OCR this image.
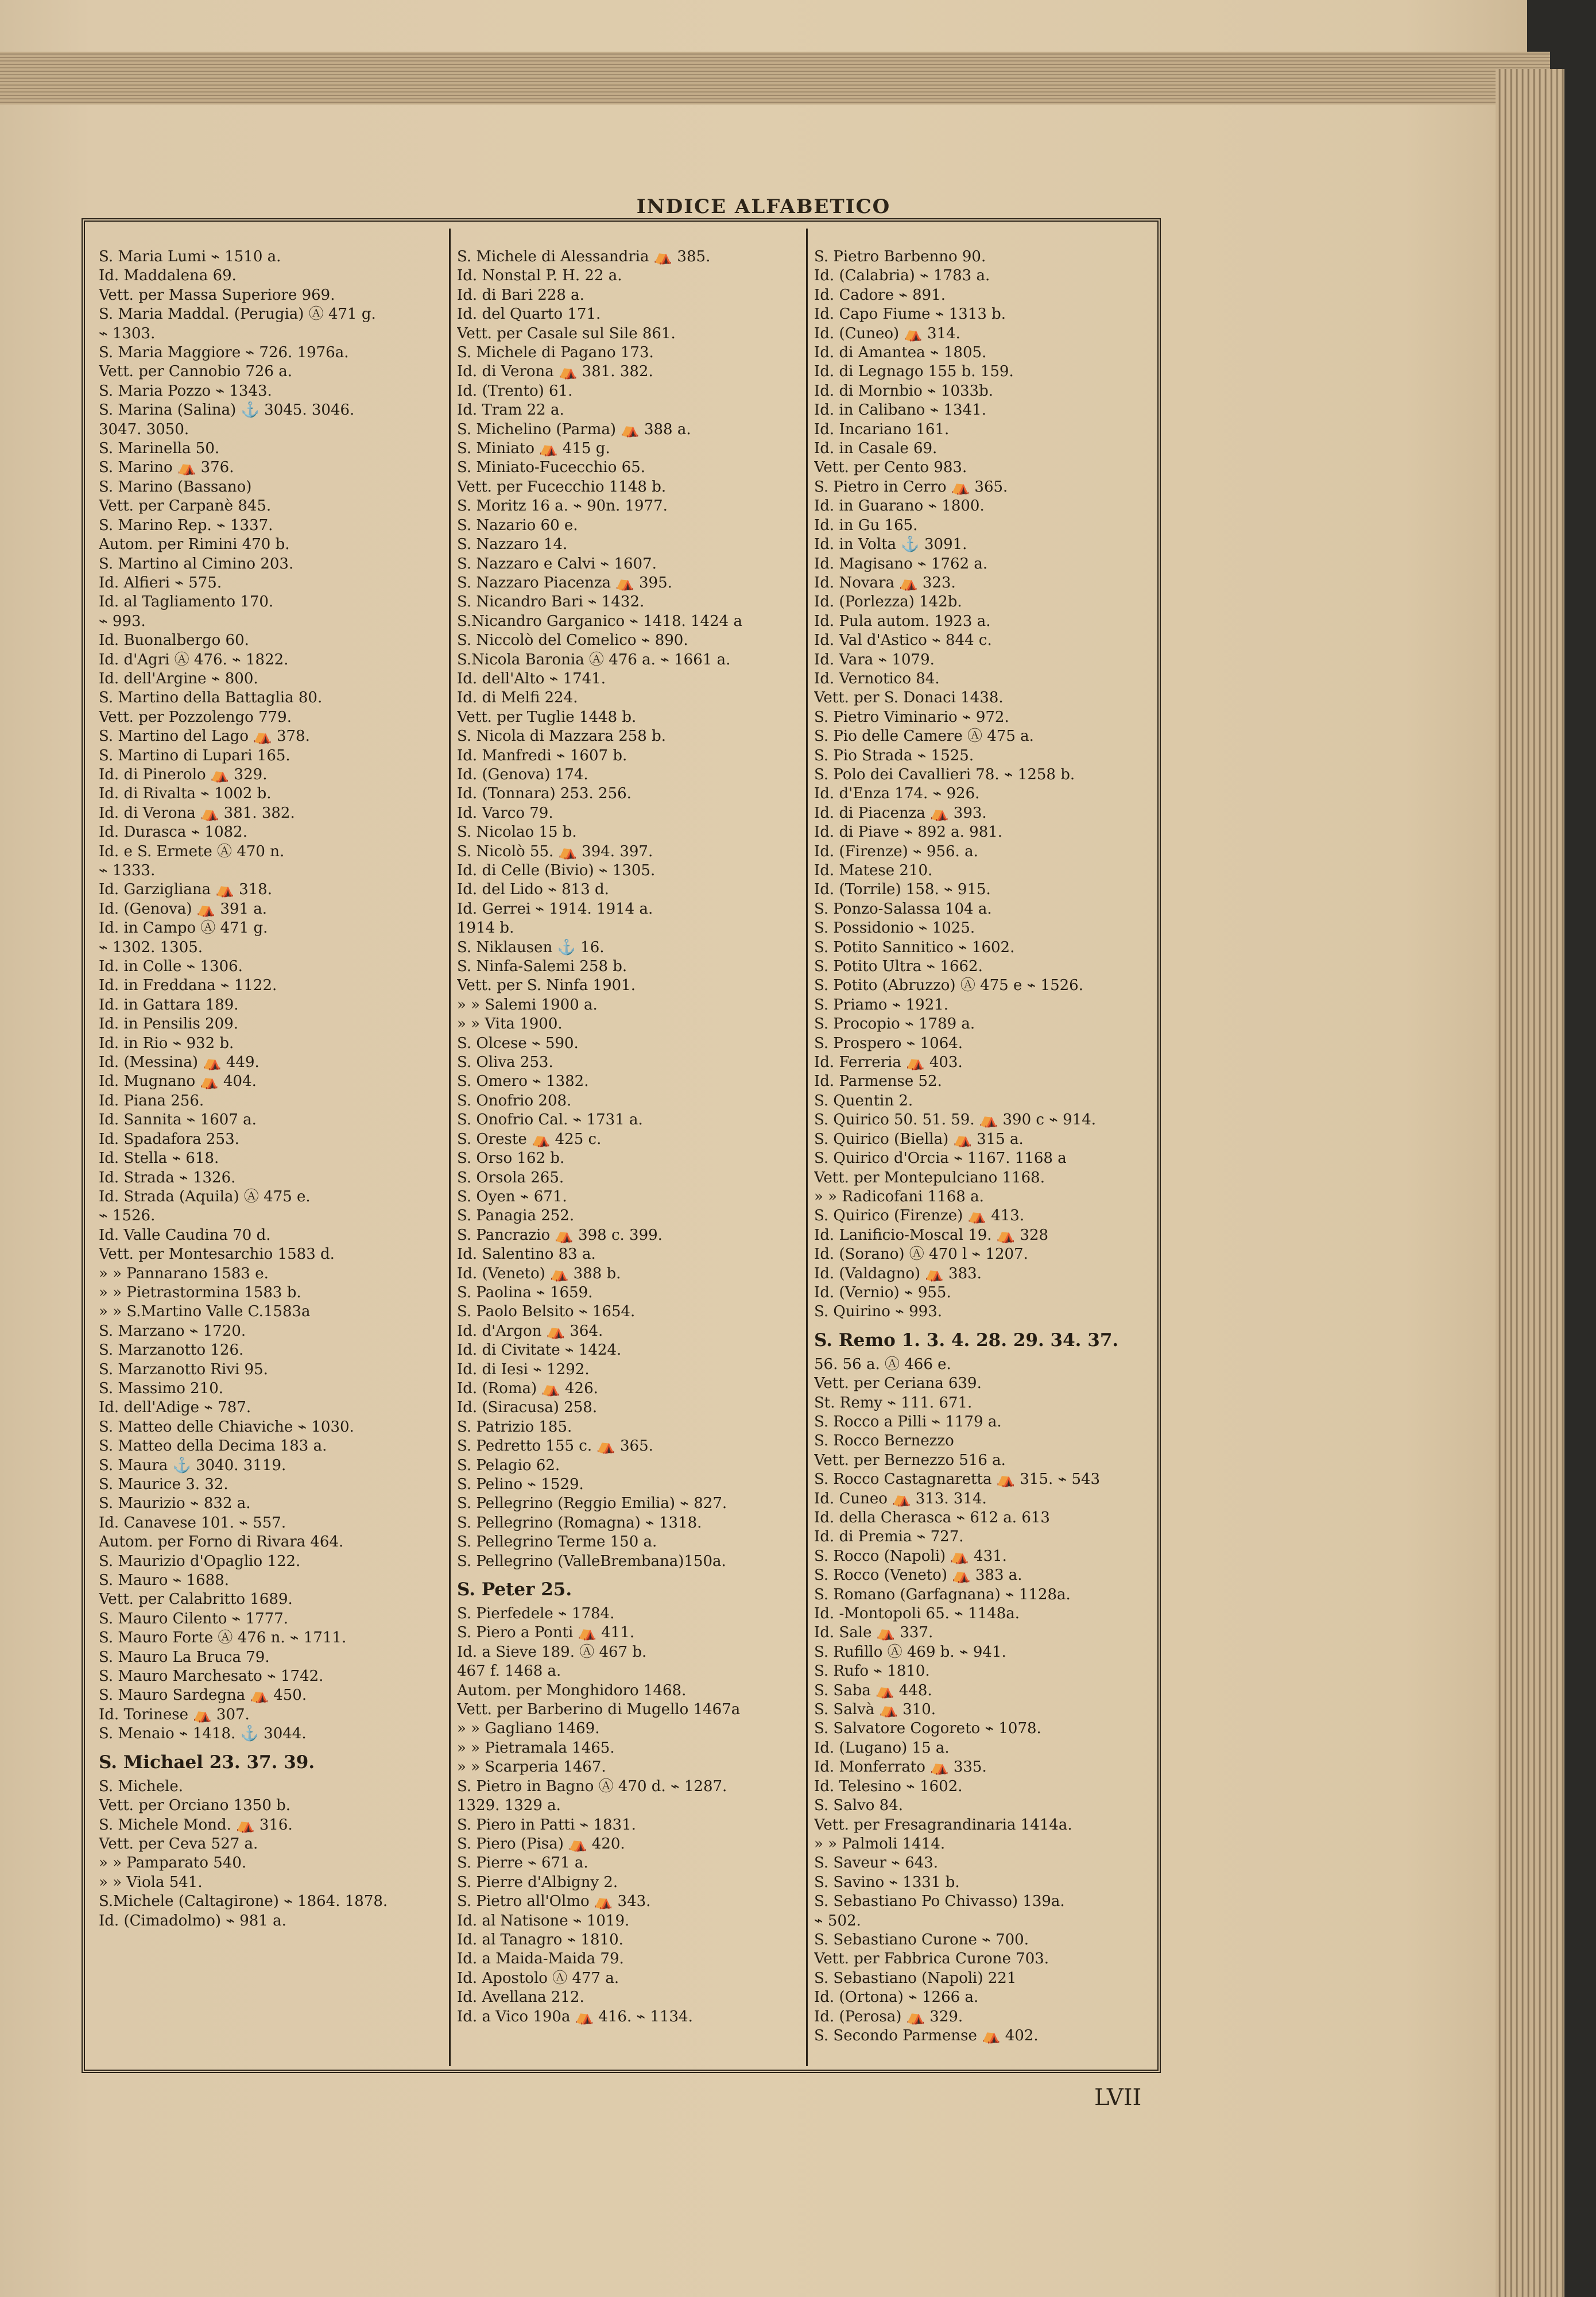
INDICE ALFABETICO
S. Maria Lumi ⌁ 1510 a.
Id. Maddalena 69.
Vett. per Massa Superiore 969.
S. Maria Maddal. (Perugia) Ⓐ 471 g.
⌁ 1303.
S. Maria Maggiore ⌁ 726. 1976a.
Vett. per Cannobio 726 a.
S. Maria Pozzo ⌁ 1343.
S. Marina (Salina) ⚓ 3045. 3046.
3047. 3050.
S. Marinella 50.
S. Marino ⛺ 376.
S. Marino (Bassano)
Vett. per Carpanè 845.
S. Marino Rep. ⌁ 1337.
Autom. per Rimini 470 b.
S. Martino al Cimino 203.
Id. Alfieri ⌁ 575.
Id. al Tagliamento 170.
⌁ 993.
Id. Buonalbergo 60.
Id. d'Agri Ⓐ 476. ⌁ 1822.
Id. dell'Argine ⌁ 800.
S. Martino della Battaglia 80.
Vett. per Pozzolengo 779.
S. Martino del Lago ⛺ 378.
S. Martino di Lupari 165.
Id. di Pinerolo ⛺ 329.
Id. di Rivalta ⌁ 1002 b.
Id. di Verona ⛺ 381. 382.
Id. Durasca ⌁ 1082.
Id. e S. Ermete Ⓐ 470 n.
⌁ 1333.
Id. Garzigliana ⛺ 318.
Id. (Genova) ⛺ 391 a.
Id. in Campo Ⓐ 471 g.
⌁ 1302. 1305.
Id. in Colle ⌁ 1306.
Id. in Freddana ⌁ 1122.
Id. in Gattara 189.
Id. in Pensilis 209.
Id. in Rio ⌁ 932 b.
Id. (Messina) ⛺ 449.
Id. Mugnano ⛺ 404.
Id. Piana 256.
Id. Sannita ⌁ 1607 a.
Id. Spadafora 253.
Id. Stella ⌁ 618.
Id. Strada ⌁ 1326.
Id. Strada (Aquila) Ⓐ 475 e.
⌁ 1526.
Id. Valle Caudina 70 d.
Vett. per Montesarchio 1583 d.
» » Pannarano 1583 e.
» » Pietrastormina 1583 b.
» » S.Martino Valle C.1583a
S. Marzano ⌁ 1720.
S. Marzanotto 126.
S. Marzanotto Rivi 95.
S. Massimo 210.
Id. dell'Adige ⌁ 787.
S. Matteo delle Chiaviche ⌁ 1030.
S. Matteo della Decima 183 a.
S. Maura ⚓ 3040. 3119.
S. Maurice 3. 32.
S. Maurizio ⌁ 832 a.
Id. Canavese 101. ⌁ 557.
Autom. per Forno di Rivara 464.
S. Maurizio d'Opaglio 122.
S. Mauro ⌁ 1688.
Vett. per Calabritto 1689.
S. Mauro Cilento ⌁ 1777.
S. Mauro Forte Ⓐ 476 n. ⌁ 1711.
S. Mauro La Bruca 79.
S. Mauro Marchesato ⌁ 1742.
S. Mauro Sardegna ⛺ 450.
Id. Torinese ⛺ 307.
S. Menaio ⌁ 1418. ⚓ 3044.
S. Michael 23. 37. 39.
S. Michele.
Vett. per Orciano 1350 b.
S. Michele Mond. ⛺ 316.
Vett. per Ceva 527 a.
» » Pamparato 540.
» » Viola 541.
S.Michele (Caltagirone) ⌁ 1864. 1878.
Id. (Cimadolmo) ⌁ 981 a.
S. Michele di Alessandria ⛺ 385.
Id. Nonstal P. H. 22 a.
Id. di Bari 228 a.
Id. del Quarto 171.
Vett. per Casale sul Sile 861.
S. Michele di Pagano 173.
Id. di Verona ⛺ 381. 382.
Id. (Trento) 61.
Id. Tram 22 a.
S. Michelino (Parma) ⛺ 388 a.
S. Miniato ⛺ 415 g.
S. Miniato-Fucecchio 65.
Vett. per Fucecchio 1148 b.
S. Moritz 16 a. ⌁ 90n. 1977.
S. Nazario 60 e.
S. Nazzaro 14.
S. Nazzaro e Calvi ⌁ 1607.
S. Nazzaro Piacenza ⛺ 395.
S. Nicandro Bari ⌁ 1432.
S.Nicandro Garganico ⌁ 1418. 1424 a
S. Niccolò del Comelico ⌁ 890.
S.Nicola Baronia Ⓐ 476 a. ⌁ 1661 a.
Id. dell'Alto ⌁ 1741.
Id. di Melfi 224.
Vett. per Tuglie 1448 b.
S. Nicola di Mazzara 258 b.
Id. Manfredi ⌁ 1607 b.
Id. (Genova) 174.
Id. (Tonnara) 253. 256.
Id. Varco 79.
S. Nicolao 15 b.
S. Nicolò 55. ⛺ 394. 397.
Id. di Celle (Bivio) ⌁ 1305.
Id. del Lido ⌁ 813 d.
Id. Gerrei ⌁ 1914. 1914 a.
1914 b.
S. Niklausen ⚓ 16.
S. Ninfa-Salemi 258 b.
Vett. per S. Ninfa 1901.
» » Salemi 1900 a.
» » Vita 1900.
S. Olcese ⌁ 590.
S. Oliva 253.
S. Omero ⌁ 1382.
S. Onofrio 208.
S. Onofrio Cal. ⌁ 1731 a.
S. Oreste ⛺ 425 c.
S. Orso 162 b.
S. Orsola 265.
S. Oyen ⌁ 671.
S. Panagia 252.
S. Pancrazio ⛺ 398 c. 399.
Id. Salentino 83 a.
Id. (Veneto) ⛺ 388 b.
S. Paolina ⌁ 1659.
S. Paolo Belsito ⌁ 1654.
Id. d'Argon ⛺ 364.
Id. di Civitate ⌁ 1424.
Id. di Iesi ⌁ 1292.
Id. (Roma) ⛺ 426.
Id. (Siracusa) 258.
S. Patrizio 185.
S. Pedretto 155 c. ⛺ 365.
S. Pelagio 62.
S. Pelino ⌁ 1529.
S. Pellegrino (Reggio Emilia) ⌁ 827.
S. Pellegrino (Romagna) ⌁ 1318.
S. Pellegrino Terme 150 a.
S. Pellegrino (ValleBrembana)150a.
S. Peter 25.
S. Pierfedele ⌁ 1784.
S. Piero a Ponti ⛺ 411.
Id. a Sieve 189. Ⓐ 467 b.
467 f. 1468 a.
Autom. per Monghidoro 1468.
Vett. per Barberino di Mugello 1467a
» » Gagliano 1469.
» » Pietramala 1465.
» » Scarperia 1467.
S. Pietro in Bagno Ⓐ 470 d. ⌁ 1287.
1329. 1329 a.
S. Piero in Patti ⌁ 1831.
S. Piero (Pisa) ⛺ 420.
S. Pierre ⌁ 671 a.
S. Pierre d'Albigny 2.
S. Pietro all'Olmo ⛺ 343.
Id. al Natisone ⌁ 1019.
Id. al Tanagro ⌁ 1810.
Id. a Maida-Maida 79.
Id. Apostolo Ⓐ 477 a.
Id. Avellana 212.
Id. a Vico 190a ⛺ 416. ⌁ 1134.
S. Pietro Barbenno 90.
Id. (Calabria) ⌁ 1783 a.
Id. Cadore ⌁ 891.
Id. Capo Fiume ⌁ 1313 b.
Id. (Cuneo) ⛺ 314.
Id. di Amantea ⌁ 1805.
Id. di Legnago 155 b. 159.
Id. di Mornbio ⌁ 1033b.
Id. in Calibano ⌁ 1341.
Id. Incariano 161.
Id. in Casale 69.
Vett. per Cento 983.
S. Pietro in Cerro ⛺ 365.
Id. in Guarano ⌁ 1800.
Id. in Gu 165.
Id. in Volta ⚓ 3091.
Id. Magisano ⌁ 1762 a.
Id. Novara ⛺ 323.
Id. (Porlezza) 142b.
Id. Pula autom. 1923 a.
Id. Val d'Astico ⌁ 844 c.
Id. Vara ⌁ 1079.
Id. Vernotico 84.
Vett. per S. Donaci 1438.
S. Pietro Viminario ⌁ 972.
S. Pio delle Camere Ⓐ 475 a.
S. Pio Strada ⌁ 1525.
S. Polo dei Cavallieri 78. ⌁ 1258 b.
Id. d'Enza 174. ⌁ 926.
Id. di Piacenza ⛺ 393.
Id. di Piave ⌁ 892 a. 981.
Id. (Firenze) ⌁ 956. a.
Id. Matese 210.
Id. (Torrile) 158. ⌁ 915.
S. Ponzo-Salassa 104 a.
S. Possidonio ⌁ 1025.
S. Potito Sannitico ⌁ 1602.
S. Potito Ultra ⌁ 1662.
S. Potito (Abruzzo) Ⓐ 475 e ⌁ 1526.
S. Priamo ⌁ 1921.
S. Procopio ⌁ 1789 a.
S. Prospero ⌁ 1064.
Id. Ferreria ⛺ 403.
Id. Parmense 52.
S. Quentin 2.
S. Quirico 50. 51. 59. ⛺ 390 c ⌁ 914.
S. Quirico (Biella) ⛺ 315 a.
S. Quirico d'Orcia ⌁ 1167. 1168 a
Vett. per Montepulciano 1168.
» » Radicofani 1168 a.
S. Quirico (Firenze) ⛺ 413.
Id. Lanificio-Moscal 19. ⛺ 328
Id. (Sorano) Ⓐ 470 l ⌁ 1207.
Id. (Valdagno) ⛺ 383.
Id. (Vernio) ⌁ 955.
S. Quirino ⌁ 993.
S. Remo 1. 3. 4. 28. 29. 34. 37.
56. 56 a. Ⓐ 466 e.
Vett. per Ceriana 639.
St. Remy ⌁ 111. 671.
S. Rocco a Pilli ⌁ 1179 a.
S. Rocco Bernezzo
Vett. per Bernezzo 516 a.
S. Rocco Castagnaretta ⛺ 315. ⌁ 543
Id. Cuneo ⛺ 313. 314.
Id. della Cherasca ⌁ 612 a. 613
Id. di Premia ⌁ 727.
S. Rocco (Napoli) ⛺ 431.
S. Rocco (Veneto) ⛺ 383 a.
S. Romano (Garfagnana) ⌁ 1128a.
Id. -Montopoli 65. ⌁ 1148a.
Id. Sale ⛺ 337.
S. Rufillo Ⓐ 469 b. ⌁ 941.
S. Rufo ⌁ 1810.
S. Saba ⛺ 448.
S. Salvà ⛺ 310.
S. Salvatore Cogoreto ⌁ 1078.
Id. (Lugano) 15 a.
Id. Monferrato ⛺ 335.
Id. Telesino ⌁ 1602.
S. Salvo 84.
Vett. per Fresagrandinaria 1414a.
» » Palmoli 1414.
S. Saveur ⌁ 643.
S. Savino ⌁ 1331 b.
S. Sebastiano Po Chivasso) 139a.
⌁ 502.
S. Sebastiano Curone ⌁ 700.
Vett. per Fabbrica Curone 703.
S. Sebastiano (Napoli) 221
Id. (Ortona) ⌁ 1266 a.
Id. (Perosa) ⛺ 329.
S. Secondo Parmense ⛺ 402.
LVII
